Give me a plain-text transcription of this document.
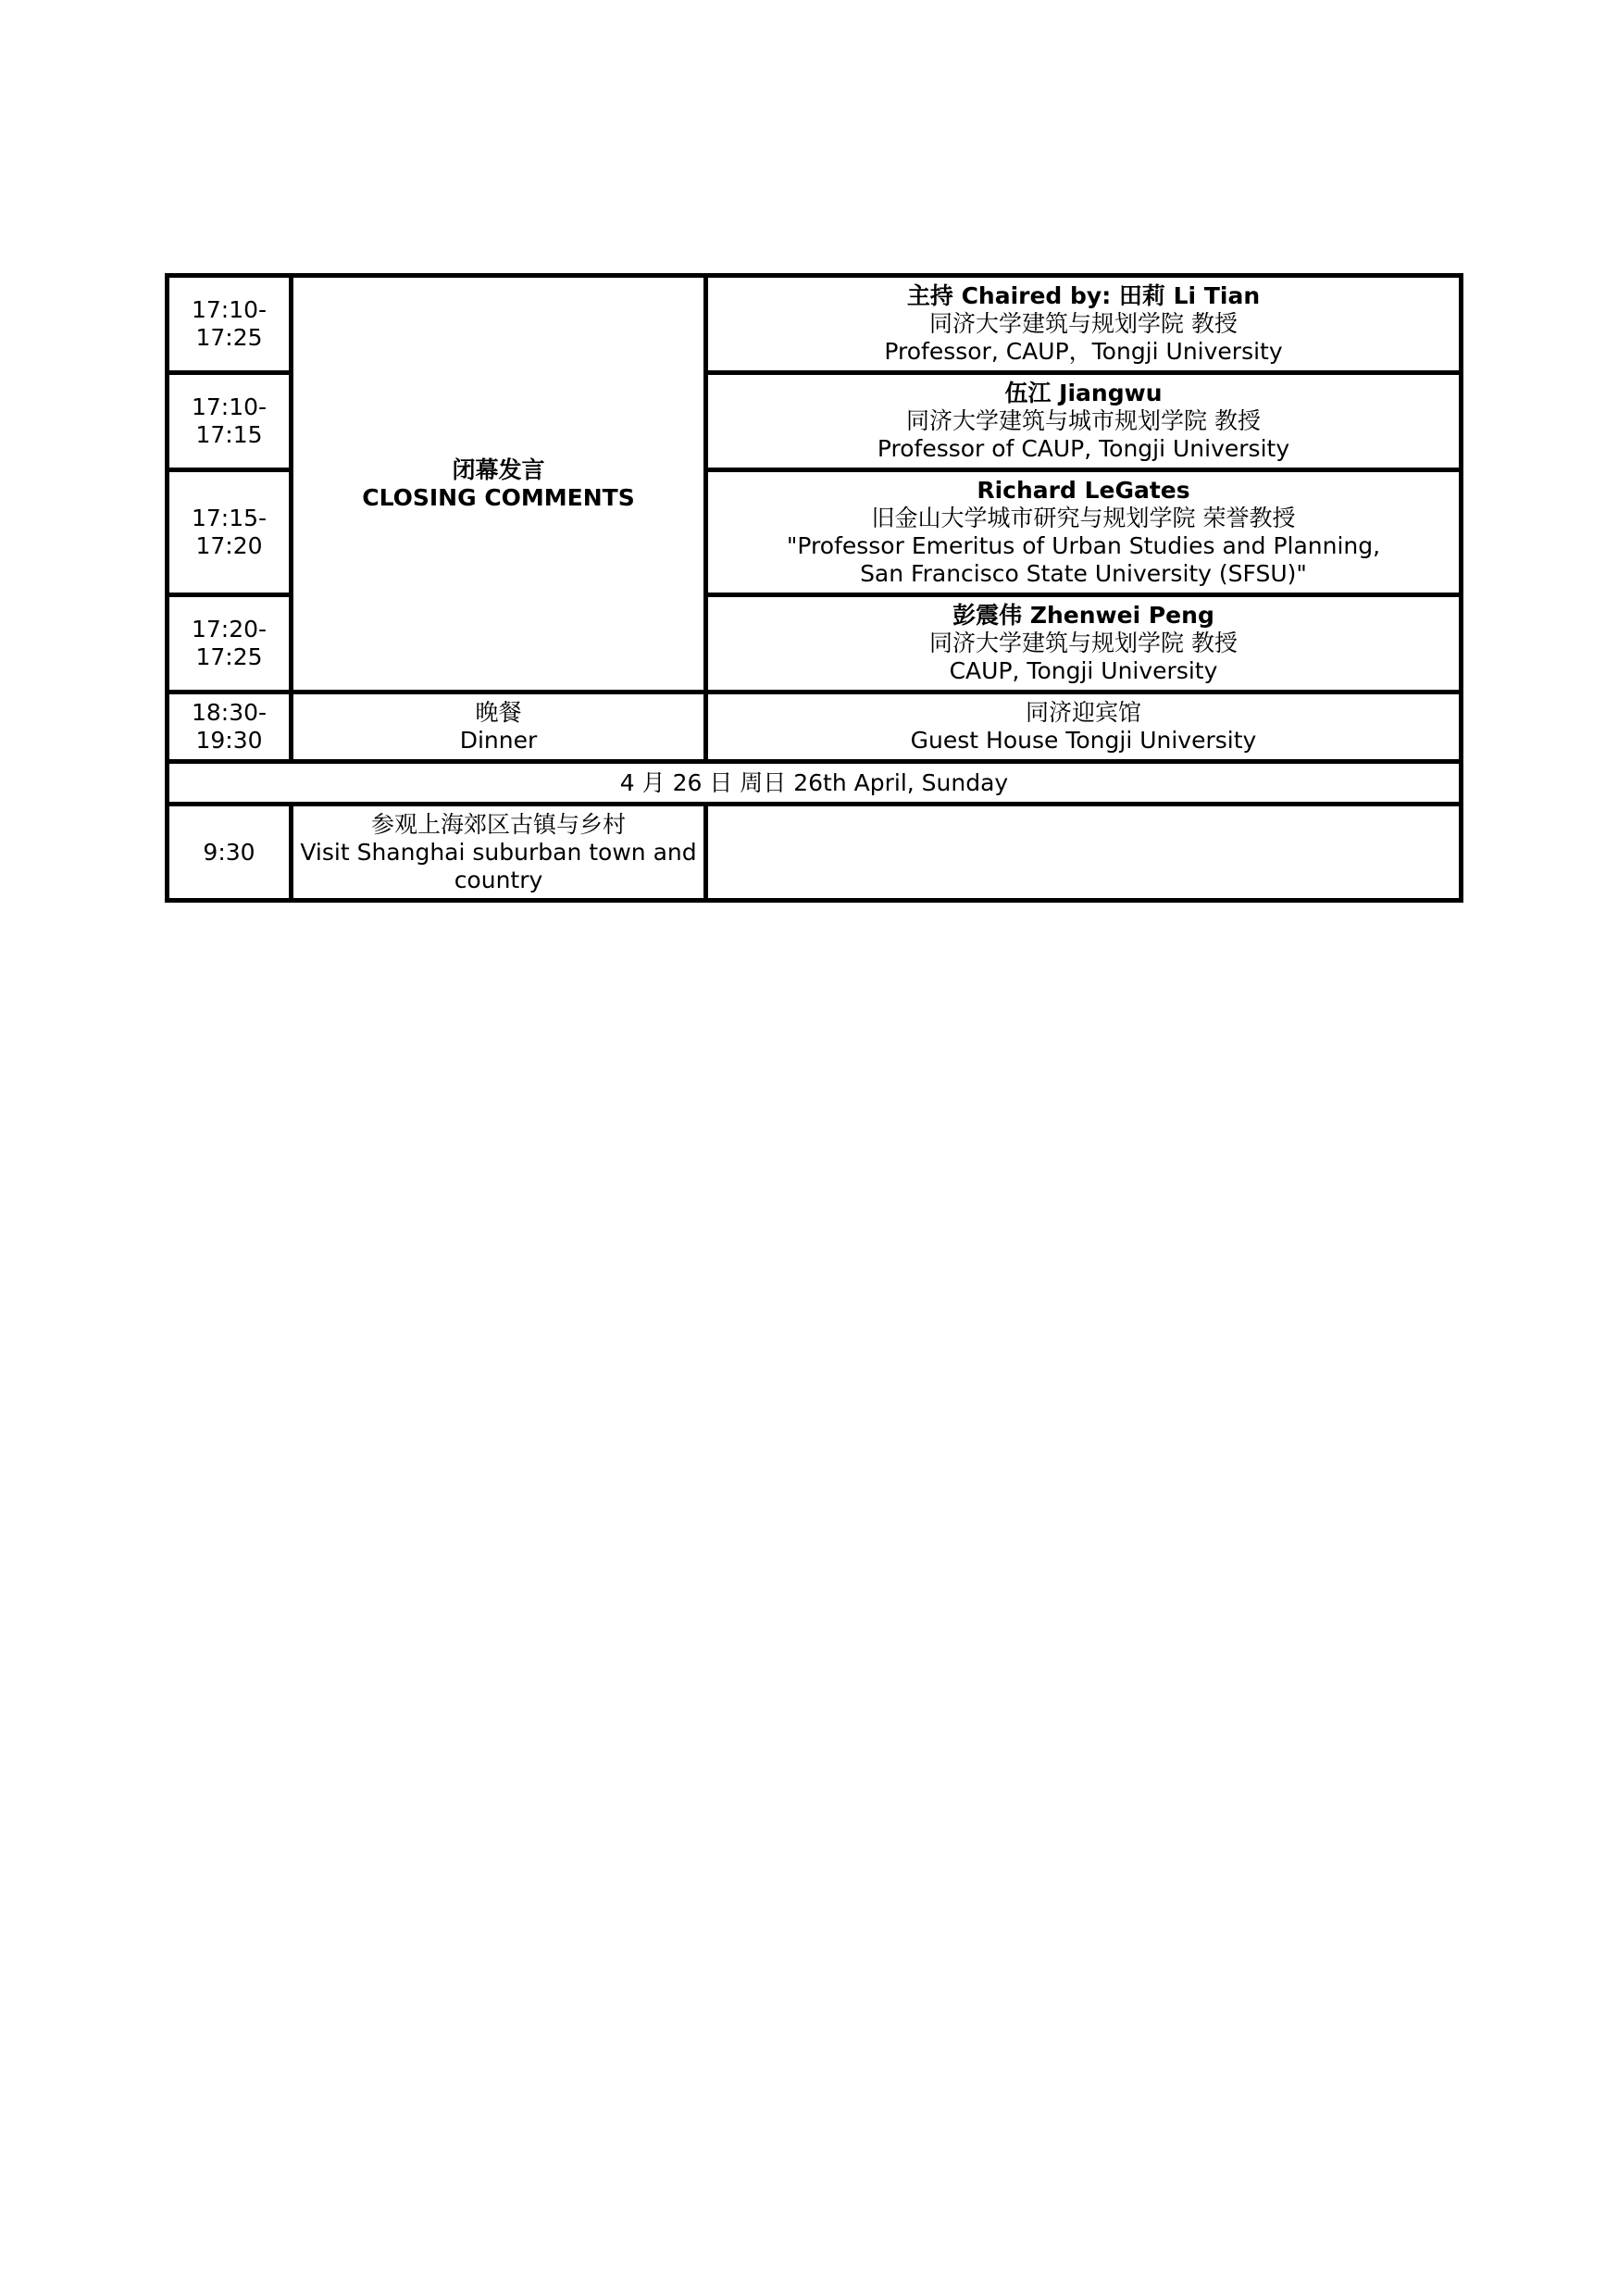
17:10-
17:25	闭幕发言
CLOSING COMMENTS	主持 Chaired by: 田莉 Li Tian
同济大学建筑与规划学院 教授
Professor, CAUP，Tongji University

17:10-
17:15		伍江 Jiangwu
同济大学建筑与城市规划学院 教授
Professor of CAUP, Tongji University

17:15-
17:20		Richard LeGates
旧金山大学城市研究与规划学院 荣誉教授
"Professor Emeritus of Urban Studies and Planning,
San Francisco State University (SFSU)"

17:20-
17:25		彭震伟 Zhenwei Peng
同济大学建筑与规划学院 教授
CAUP, Tongji University

18:30-
19:30	晚餐
Dinner	同济迎宾馆
Guest House Tongji University

4 月 26 日 周日 26th April, Sunday		
9:30	参观上海郊区古镇与乡村
Visit Shanghai suburban town and country	
